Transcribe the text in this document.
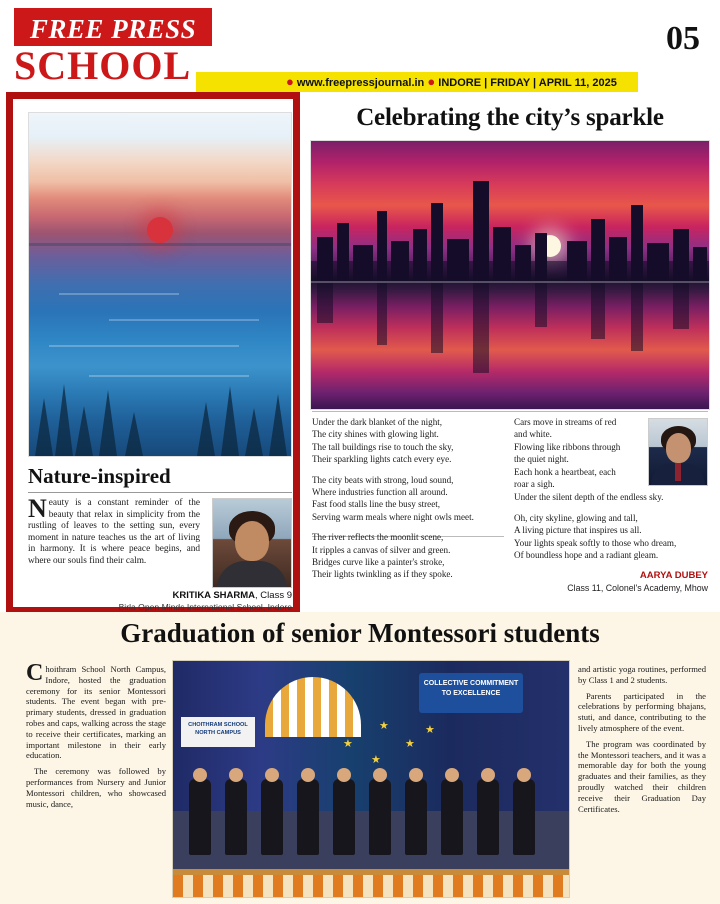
FREE PRESS
SCHOOL
05
● www.freepressjournal.in ● INDORE | FRIDAY | APRIL 11, 2025
Nature-inspired
Neauty is a constant reminder of the beauty that relax in simplicity from the rustling of leaves to the setting sun, every moment in nature teaches us the art of living in harmony. It is where peace begins, and where our souls find their calm.
KRITIKA SHARMA, Class 9
Birla Open Minds International School, Indore
Celebrating the city’s sparkle
Under the dark blanket of the night,
The city shines with glowing light.
The tall buildings rise to touch the sky,
Their sparkling lights catch every eye.
The city beats with strong, loud sound,
Where industries function all around.
Fast food stalls line the busy street,
Serving warm meals where night owls meet.
The river reflects the moonlit scene,
It ripples a canvas of silver and green.
Bridges curve like a painter's stroke,
Their lights twinkling as if they spoke.
Cars move in streams of red
and white.
Flowing like ribbons through
the quiet night.
Each honk a heartbeat, each
roar a sigh.
Under the silent depth of the endless sky.
Oh, city skyline, glowing and tall,
A living picture that inspires us all.
Your lights speak softly to those who dream,
Of boundless hope and a radiant gleam.
AARYA DUBEY
Class 11, Colonel's Academy, Mhow
Graduation of senior Montessori students

Choithram School North Campus, Indore, hosted the graduation ceremony for its senior Montessori students. The event began with pre-primary students, dressed in graduation robes and caps, walking across the stage to receive their certificates, marking an important milestone in their early education.

The ceremony was followed by performances from Nursery and Junior Montessori children, who showcased music, dance,

COLLECTIVE COMMITMENT TO EXCELLENCE
CHOITHRAM SCHOOL NORTH CAMPUS
★
★
★
★
★

and artistic yoga routines, performed by Class 1 and 2 students.

Parents participated in the celebrations by performing bhajans, stuti, and dance, contributing to the lively atmosphere of the event.

The program was coordinated by the Montessori teachers, and it was a memorable day for both the young graduates and their families, as they proudly watched their children receive their Graduation Day Certificates.
